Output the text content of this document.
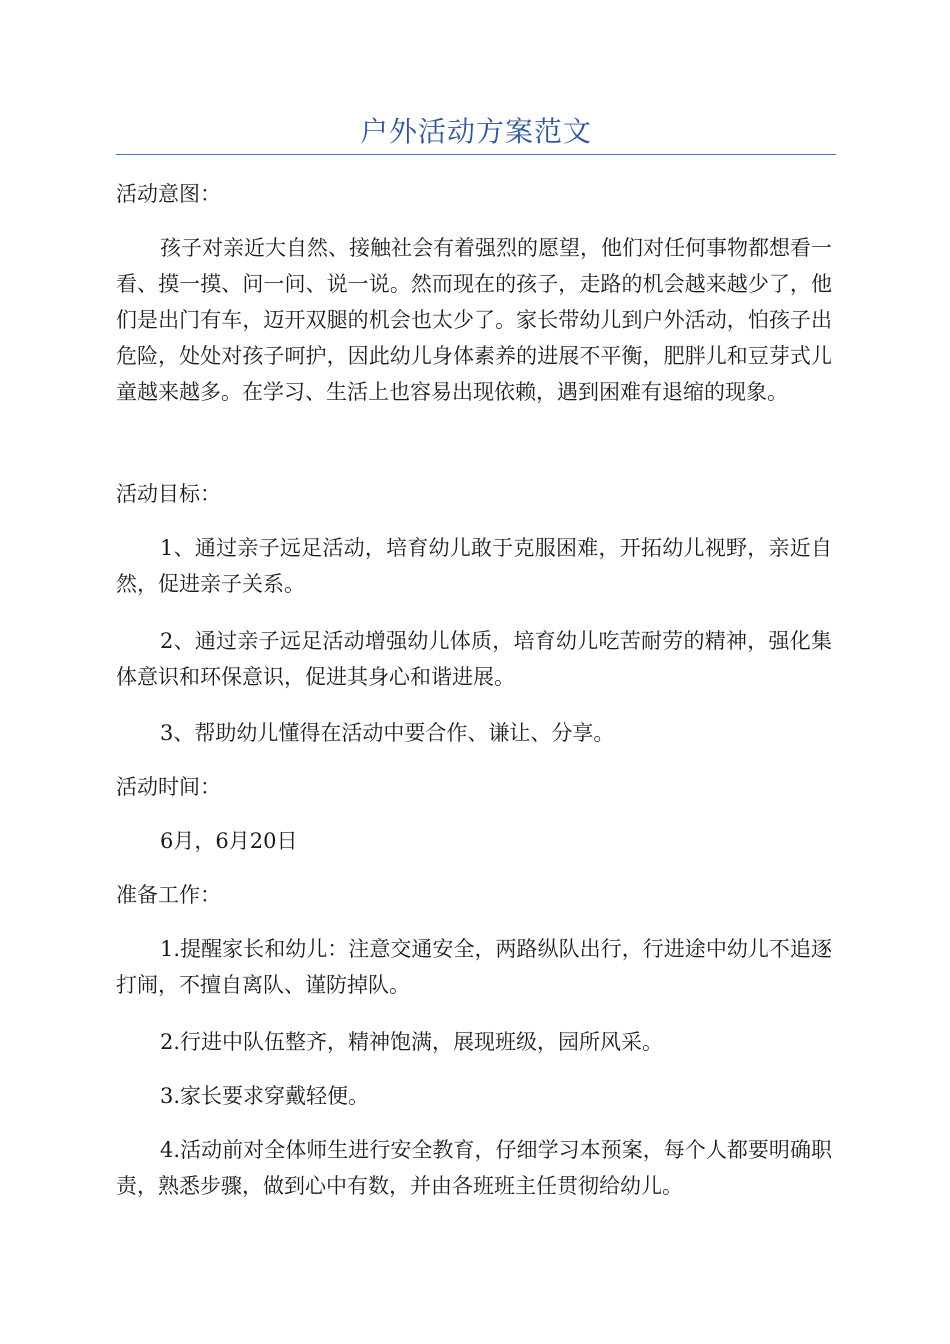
户外活动方案范文

活动意图：

孩子对亲近大自然、接触社会有着强烈的愿望，他们对任何事物都想看一看、摸一摸、问一问、说一说。然而现在的孩子，走路的机会越来越少了，他们是出门有车，迈开双腿的机会也太少了。家长带幼儿到户外活动，怕孩子出危险，处处对孩子呵护，因此幼儿身体素养的进展不平衡，肥胖儿和豆芽式儿童越来越多。在学习、生活上也容易出现依赖，遇到困难有退缩的现象。

活动目标：

1、通过亲子远足活动，培育幼儿敢于克服困难，开拓幼儿视野，亲近自然，促进亲子关系。

2、通过亲子远足活动增强幼儿体质，培育幼儿吃苦耐劳的精神，强化集体意识和环保意识，促进其身心和谐进展。

3、帮助幼儿懂得在活动中要合作、谦让、分享。

活动时间：

6月，6月20日

准备工作：

1.提醒家长和幼儿：注意交通安全，两路纵队出行，行进途中幼儿不追逐打闹，不擅自离队、谨防掉队。

2.行进中队伍整齐，精神饱满，展现班级，园所风采。

3.家长要求穿戴轻便。

4.活动前对全体师生进行安全教育，仔细学习本预案，每个人都要明确职责，熟悉步骤，做到心中有数，并由各班班主任贯彻给幼儿。
